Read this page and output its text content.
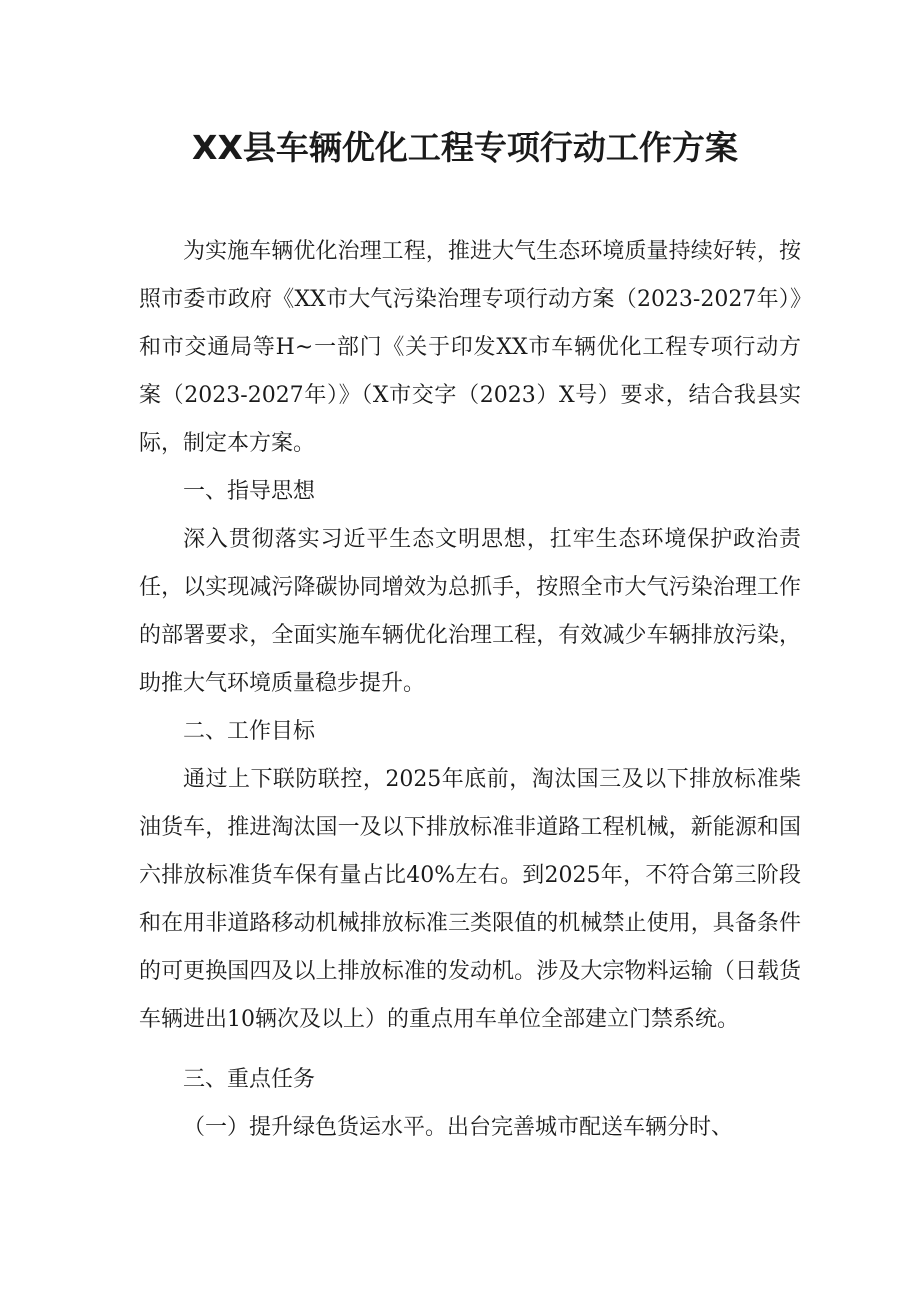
XX县车辆优化工程专项行动工作方案

为实施车辆优化治理工程，推进大气生态环境质量持续好转，按照市委市政府《XX市大气污染治理专项行动方案（2023-2027年）》和市交通局等H~一部门《关于印发XX市车辆优化工程专项行动方案（2023-2027年）》（X市交字（2023）X号）要求，结合我县实际，制定本方案。

一、指导思想

深入贯彻落实习近平生态文明思想，扛牢生态环境保护政治责任，以实现减污降碳协同增效为总抓手，按照全市大气污染治理工作的部署要求，全面实施车辆优化治理工程，有效减少车辆排放污染，助推大气环境质量稳步提升。

二、工作目标

通过上下联防联控，2025年底前，淘汰国三及以下排放标准柴油货车，推进淘汰国一及以下排放标准非道路工程机械，新能源和国六排放标准货车保有量占比40%左右。到2025年，不符合第三阶段和在用非道路移动机械排放标准三类限值的机械禁止使用，具备条件的可更换国四及以上排放标准的发动机。涉及大宗物料运输（日载货车辆进出10辆次及以上）的重点用车单位全部建立门禁系统。

三、重点任务

（一）提升绿色货运水平。出台完善城市配送车辆分时、
